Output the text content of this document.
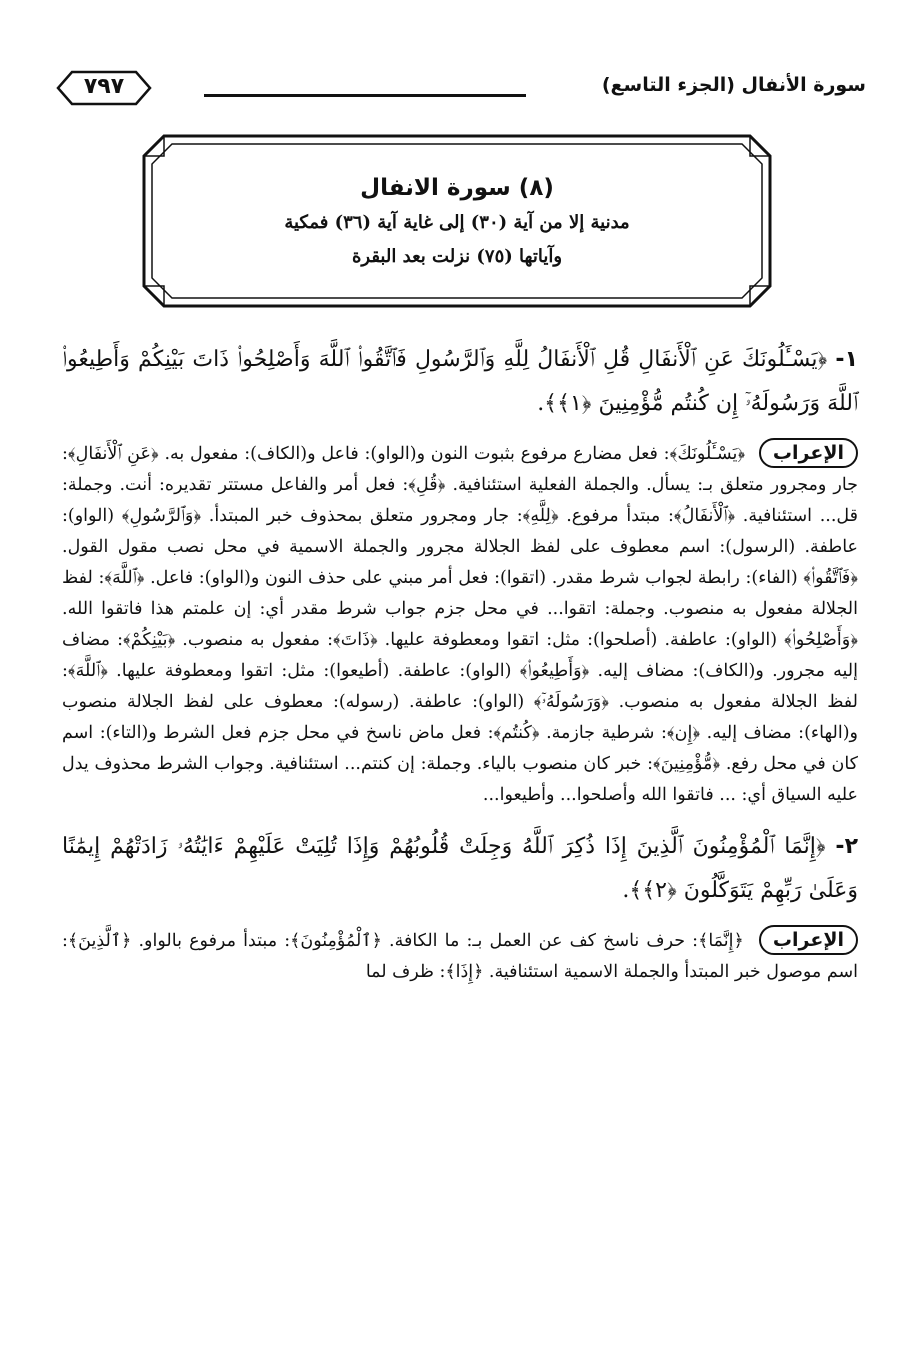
٧٩٧	سورة الأنفال (الجزء التاسع)
(٨) سورة الانفال
مدنية إلا من آية (٣٠) إلى غاية آية (٣٦) فمكية
وآياتها (٧٥) نزلت بعد البقرة

١- ﴿يَسْـَٔلُونَكَ عَنِ ٱلْأَنفَالِ قُلِ ٱلْأَنفَالُ لِلَّهِ وَٱلرَّسُولِ فَٱتَّقُوا۟ ٱللَّهَ وَأَصْلِحُوا۟ ذَاتَ بَيْنِكُمْ وَأَطِيعُوا۟ ٱللَّهَ وَرَسُولَهُۥٓ إِن كُنتُم مُّؤْمِنِينَ ﴿١﴾﴾.

الإعراب ﴿يَسْـَٔلُونَكَ﴾: فعل مضارع مرفوع بثبوت النون و(الواو): فاعل و(الكاف): مفعول به. ﴿عَنِ ٱلْأَنفَالِ﴾: جار ومجرور متعلق بـ: يسأل. والجملة الفعلية استئنافية. ﴿قُلِ﴾: فعل أمر والفاعل مستتر تقديره: أنت. وجملة: قل... استئنافية. ﴿ٱلْأَنفَالُ﴾: مبتدأ مرفوع. ﴿لِلَّهِ﴾: جار ومجرور متعلق بمحذوف خبر المبتدأ. ﴿وَٱلرَّسُولِ﴾ (الواو): عاطفة. (الرسول): اسم معطوف على لفظ الجلالة مجرور والجملة الاسمية في محل نصب مقول القول. ﴿فَٱتَّقُوا۟﴾ (الفاء): رابطة لجواب شرط مقدر. (اتقوا): فعل أمر مبني على حذف النون و(الواو): فاعل. ﴿ٱللَّهَ﴾: لفظ الجلالة مفعول به منصوب. وجملة: اتقوا... في محل جزم جواب شرط مقدر أي: إن علمتم هذا فاتقوا الله. ﴿وَأَصْلِحُوا۟﴾ (الواو): عاطفة. (أصلحوا): مثل: اتقوا ومعطوفة عليها. ﴿ذَاتَ﴾: مفعول به منصوب. ﴿بَيْنِكُمْ﴾: مضاف إليه مجرور. و(الكاف): مضاف إليه. ﴿وَأَطِيعُوا۟﴾ (الواو): عاطفة. (أطيعوا): مثل: اتقوا ومعطوفة عليها. ﴿ٱللَّهَ﴾: لفظ الجلالة مفعول به منصوب. ﴿وَرَسُولَهُۥٓ﴾ (الواو): عاطفة. (رسوله): معطوف على لفظ الجلالة منصوب و(الهاء): مضاف إليه. ﴿إِن﴾: شرطية جازمة. ﴿كُنتُم﴾: فعل ماض ناسخ في محل جزم فعل الشرط و(التاء): اسم كان في محل رفع. ﴿مُّؤْمِنِينَ﴾: خبر كان منصوب بالياء. وجملة: إن كنتم... استئنافية. وجواب الشرط محذوف يدل عليه السياق أي: ... فاتقوا الله وأصلحوا... وأطيعوا...

٢- ﴿إِنَّمَا ٱلْمُؤْمِنُونَ ٱلَّذِينَ إِذَا ذُكِرَ ٱللَّهُ وَجِلَتْ قُلُوبُهُمْ وَإِذَا تُلِيَتْ عَلَيْهِمْ ءَايَٰتُهُۥ زَادَتْهُمْ إِيمَٰنًا وَعَلَىٰ رَبِّهِمْ يَتَوَكَّلُونَ ﴿٢﴾﴾.

الإعراب ﴿إِنَّمَا﴾: حرف ناسخ كف عن العمل بـ: ما الكافة. ﴿ٱلْمُؤْمِنُونَ﴾: مبتدأ مرفوع بالواو. ﴿ٱلَّذِينَ﴾: اسم موصول خبر المبتدأ والجملة الاسمية استئنافية. ﴿إِذَا﴾: ظرف لما
